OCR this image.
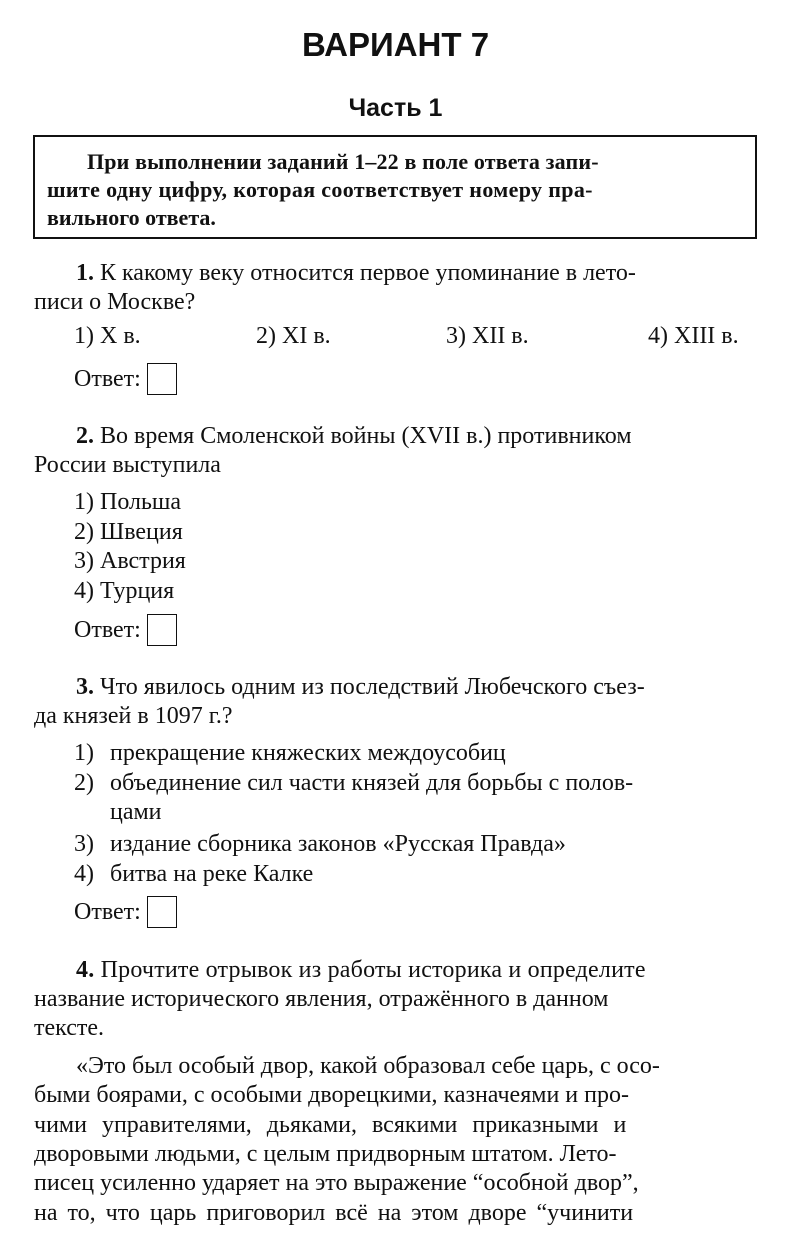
ВАРИАНТ 7
Часть 1
При выполнении заданий 1–22 в поле ответа запи-
шите одну цифру, которая соответствует номеру пра-
вильного ответа.
1. К какому веку относится первое упоминание в лето-
писи о Москве?
1) X в.	2) XI в.	3) XII в.	4) XIII в.
Ответ:
2. Во время Смоленской войны (XVII в.) противником
России выступила
1) Польша
2) Швеция
3) Австрия
4) Турция
Ответ:
3. Что явилось одним из последствий Любечского съез-
да князей в 1097 г.?
1) прекращение княжеских междоусобиц
2) объединение сил части князей для борьбы с полов-
цами
3) издание сборника законов «Русская Правда»
4) битва на реке Калке
Ответ:
4. Прочтите отрывок из работы историка и определите
название исторического явления, отражённого в данном
тексте.
«Это был особый двор, какой образовал себе царь, с осо-
быми боярами, с особыми дворецкими, казначеями и про-
чими управителями, дьяками, всякими приказными и
дворовыми людьми, с целым придворным штатом. Лето-
писец усиленно ударяет на это выражение “особной двор”,
на то, что царь приговорил всё на этом дворе “учинити
